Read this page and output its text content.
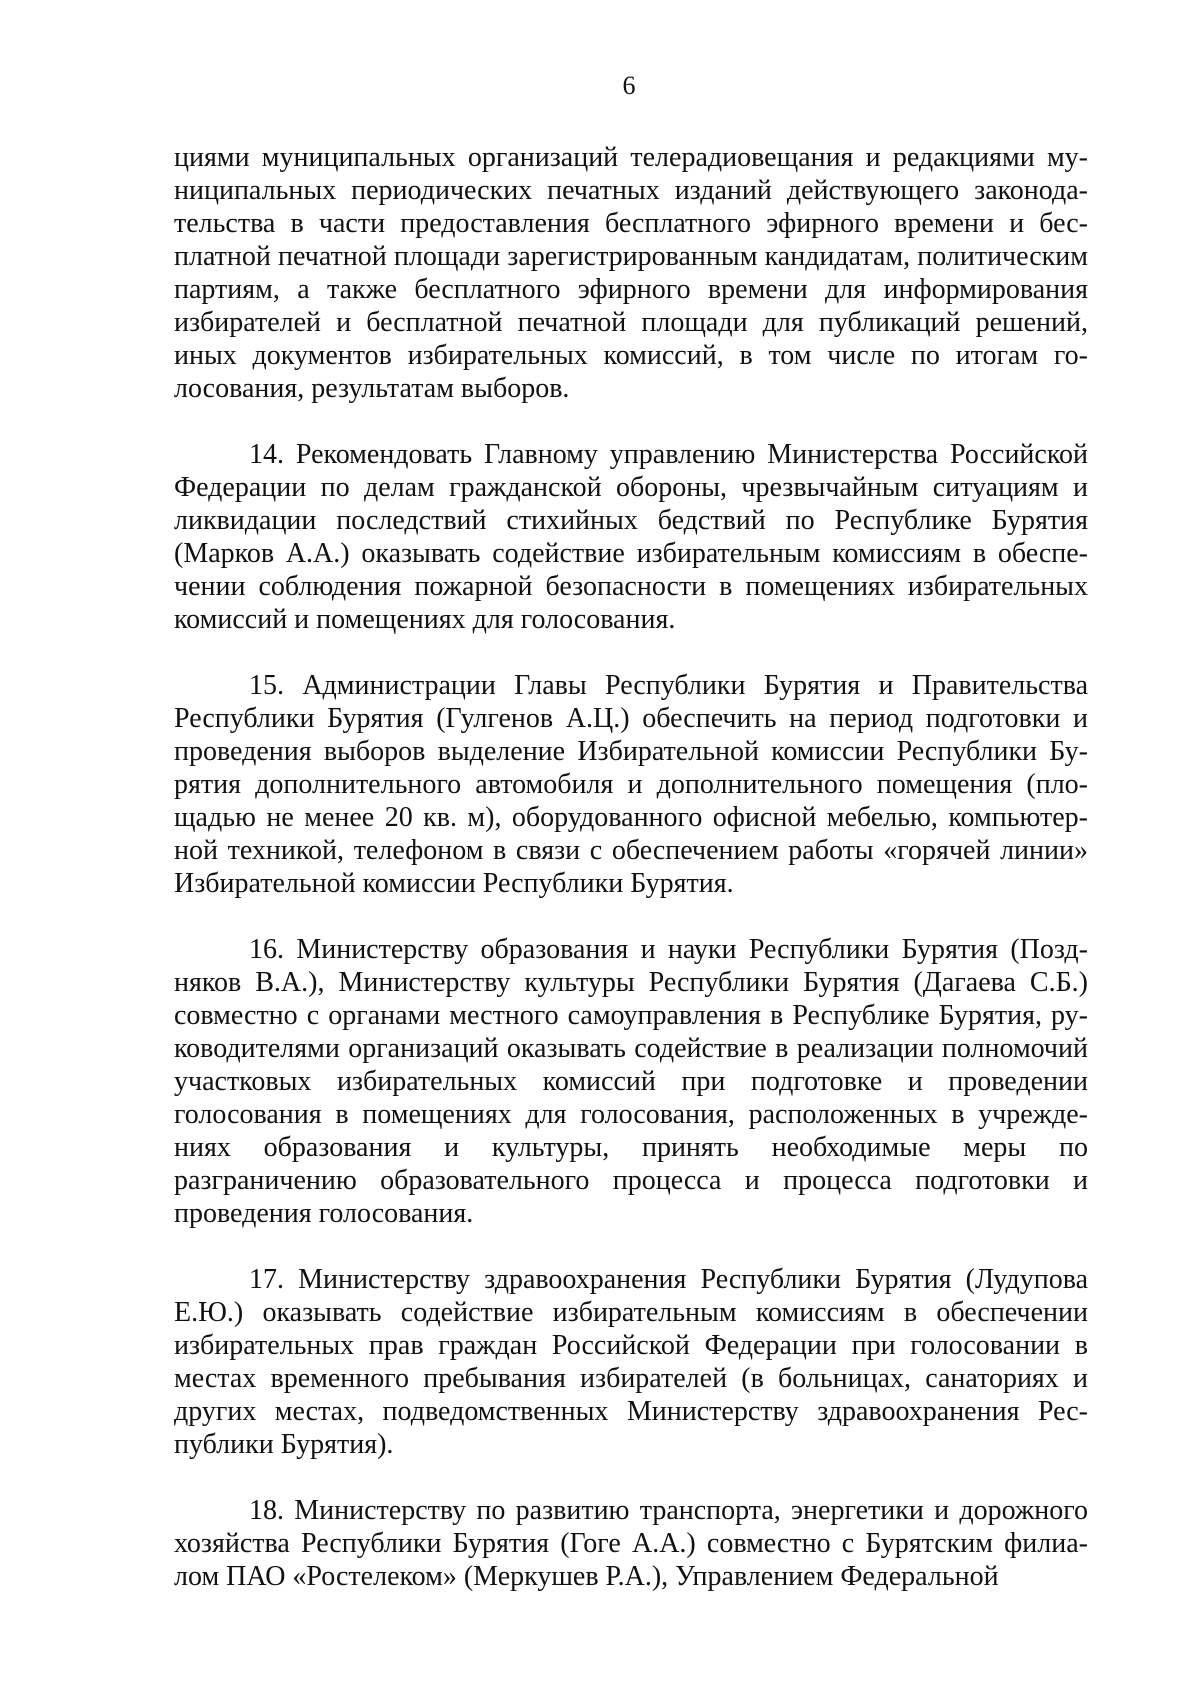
6

циями муниципальных организаций телерадиовещания и редакциями муниципальных периодических печатных изданий действующего законодательства в части предоставления бесплатного эфирного времени и бесплатной печатной площади зарегистрированным кандидатам, политическим партиям, а также бесплатного эфирного времени для информирования избирателей и бесплатной печатной площади для публикаций решений, иных документов избирательных комиссий, в том числе по итогам голосования, результатам выборов.

14. Рекомендовать Главному управлению Министерства Российской Федерации по делам гражданской обороны, чрезвычайным ситуациям и ликвидации последствий стихийных бедствий по Республике Бурятия (Марков А.А.) оказывать содействие избирательным комиссиям в обеспечении соблюдения пожарной безопасности в помещениях избирательных комиссий и помещениях для голосования.

15. Администрации Главы Республики Бурятия и Правительства Республики Бурятия (Гулгенов А.Ц.) обеспечить на период подготовки и проведения выборов выделение Избирательной комиссии Республики Бурятия дополнительного автомобиля и дополнительного помещения (площадью не менее 20 кв. м), оборудованного офисной мебелью, компьютерной техникой, телефоном в связи с обеспечением работы «горячей линии» Избирательной комиссии Республики Бурятия.

16. Министерству образования и науки Республики Бурятия (Поздняков В.А.), Министерству культуры Республики Бурятия (Дагаева С.Б.) совместно с органами местного самоуправления в Республике Бурятия, руководителями организаций оказывать содействие в реализации полномочий участковых избирательных комиссий при подготовке и проведении голосования в помещениях для голосования, расположенных в учреждениях образования и культуры, принять необходимые меры по разграничению образовательного процесса и процесса подготовки и проведения голосования.

17. Министерству здравоохранения Республики Бурятия (Лудупова Е.Ю.) оказывать содействие избирательным комиссиям в обеспечении избирательных прав граждан Российской Федерации при голосовании в местах временного пребывания избирателей (в больницах, санаториях и других местах, подведомственных Министерству здравоохранения Республики Бурятия).

18. Министерству по развитию транспорта, энергетики и дорожного хозяйства Республики Бурятия (Гоге А.А.) совместно с Бурятским филиалом ПАО «Ростелеком» (Меркушев Р.А.), Управлением Федеральной
